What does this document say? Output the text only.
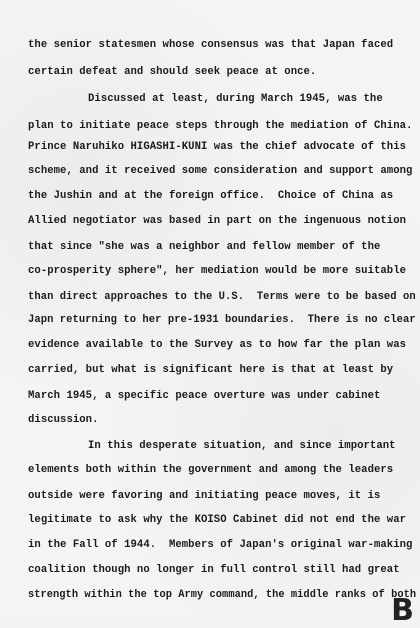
the senior statesmen whose consensus was that Japan faced
certain defeat and should seek peace at once.
Discussed at least, during March 1945, was the
plan to initiate peace steps through the mediation of China.
Prince Naruhiko HIGASHI-KUNI was the chief advocate of this
scheme, and it received some consideration and support among
the Jushin and at the foreign office.  Choice of China as
Allied negotiator was based in part on the ingenuous notion
that since "she was a neighbor and fellow member of the
co-prosperity sphere", her mediation would be more suitable
than direct approaches to the U.S.  Terms were to be based on
Japn returning to her pre-1931 boundaries.  There is no clear
evidence available to the Survey as to how far the plan was
carried, but what is significant here is that at least by
March 1945, a specific peace overture was under cabinet
discussion.
In this desperate situation, and since important
elements both within the government and among the leaders
outside were favoring and initiating peace moves, it is
legitimate to ask why the KOISO Cabinet did not end the war
in the Fall of 1944.  Members of Japan's original war-making
coalition though no longer in full control still had great
strength within the top Army command, the middle ranks of both
B
